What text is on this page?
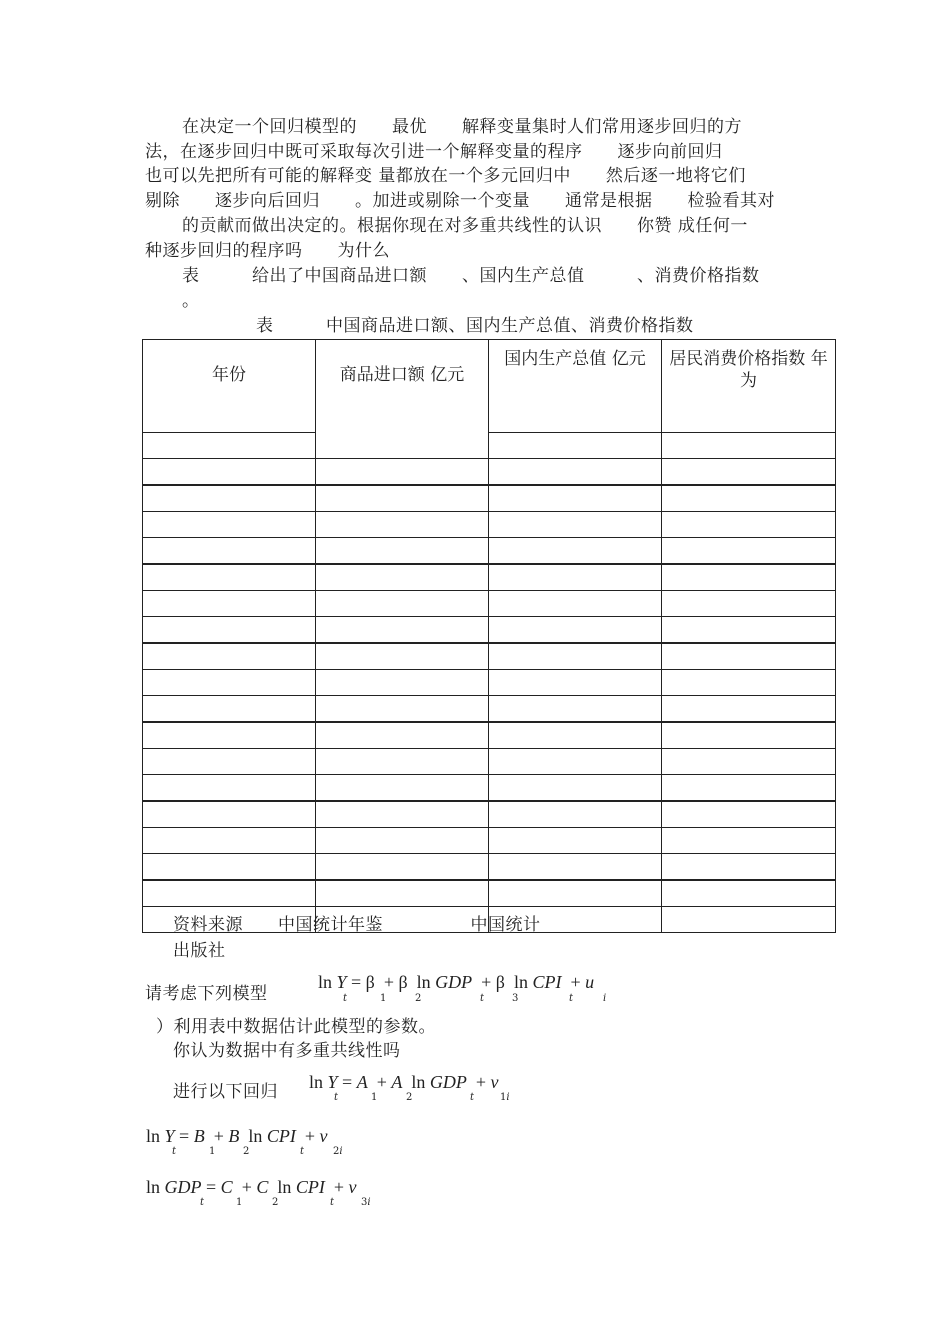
在决定一个回归模型的　　最优　　解释变量集时人们常用逐步回归的方
法，在逐步回归中既可采取每次引进一个解释变量的程序　　逐步向前回归
也可以先把所有可能的解释变 量都放在一个多元回归中　　然后逐一地将它们
剔除　　逐步向后回归　　。加进或剔除一个变量　　通常是根据　　检验看其对
的贡献而做出决定的。根据你现在对多重共线性的认识　　你赞 成任何一
种逐步回归的程序吗　　为什么
表　　　给出了中国商品进口额　　、国内生产总值　　　、消费价格指数
。
表　　　中国商品进口额、国内生产总值、消费价格指数
年份	商品进口额 亿元	国内生产总值 亿元	居民消费价格指数 年为

资料来源　　中国统计年鉴　　　　　中国统计
出版社
请考虑下列模型
ln Y = β  + β  ln GDP  + β  ln CPI  + u
t	1	2	t	3	t	i
）利用表中数据估计此模型的参数。
你认为数据中有多重共线性吗
进行以下回归 ln Y = A  + A  ln GDP  + v
t	1	2	t	1i
ln Y = B  + B  ln CPI  + v
t	1	2	t	2i
ln GDP = C  + C  ln CPI  + v
t	1	2	t	3i
